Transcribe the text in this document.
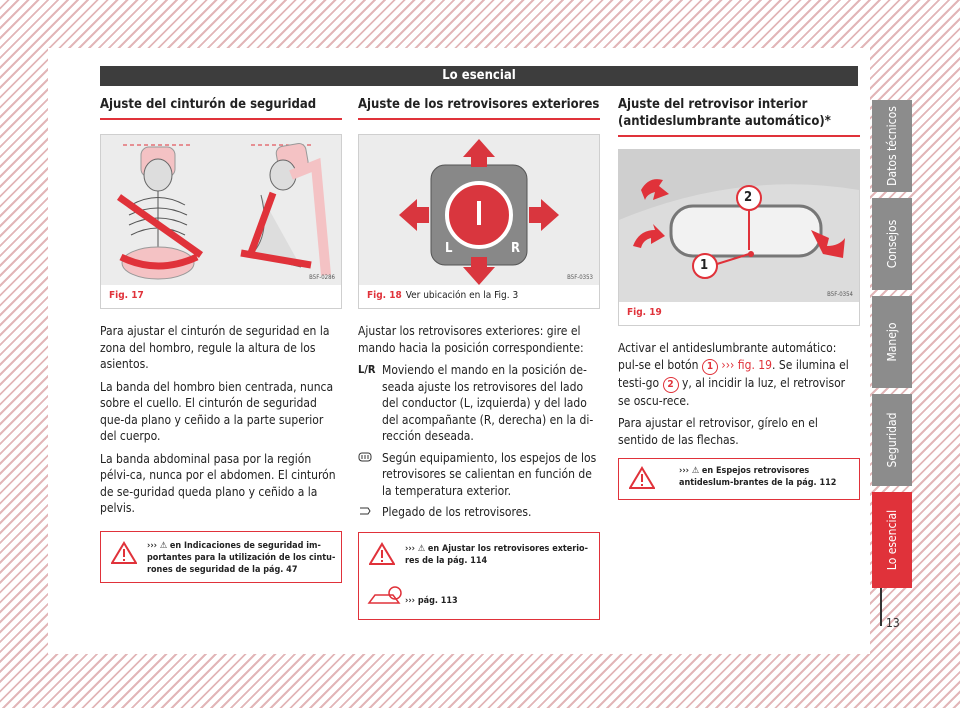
Lo esencial
Ajuste del cinturón de seguridad
B5F-0286
Fig. 17

Para ajustar el cinturón de seguridad en la zona del hombro, regule la altura de los asientos.

La banda del hombro bien centrada, nunca sobre el cuello. El cinturón de seguridad que-da plano y ceñido a la parte superior del cuerpo.

La banda abdominal pasa por la región pélvi-ca, nunca por el abdomen. El cinturón de se-guridad queda plano y ceñido a la pelvis.

››› ⚠ en Indicaciones de seguridad im-portantes para la utilización de los cintu-rones de seguridad de la pág. 47
Ajuste de los retrovisores exteriores
L	R
B5F-0353
Fig. 18 Ver ubicación en la Fig. 3

Ajustar los retrovisores exteriores: gire el mando hacia la posición correspondiente:

L/R Moviendo el mando en la posición de-seada ajuste los retrovisores del lado del conductor (L, izquierda) y del lado del acompañante (R, derecha) en la di-rección deseada.
Según equipamiento, los espejos de los retrovisores se calientan en función de la temperatura exterior.
Plegado de los retrovisores.
››› ⚠ en Ajustar los retrovisores exterio-res de la pág. 114
››› pág. 113
Ajuste del retrovisor interior
(antideslumbrante automático)*
1
2
B5F-0354
Fig. 19

Activar el antideslumbrante automático: pul-se el botón 1 ››› fig. 19. Se ilumina el testi-go 2 y, al incidir la luz, el retrovisor se oscu-rece.

Para ajustar el retrovisor, gírelo en el sentido de las flechas.

››› ⚠ en Espejos retrovisores antideslum-brantes de la pág. 112
Datos técnicos
Consejos
Manejo
Seguridad
Lo esencial
13
